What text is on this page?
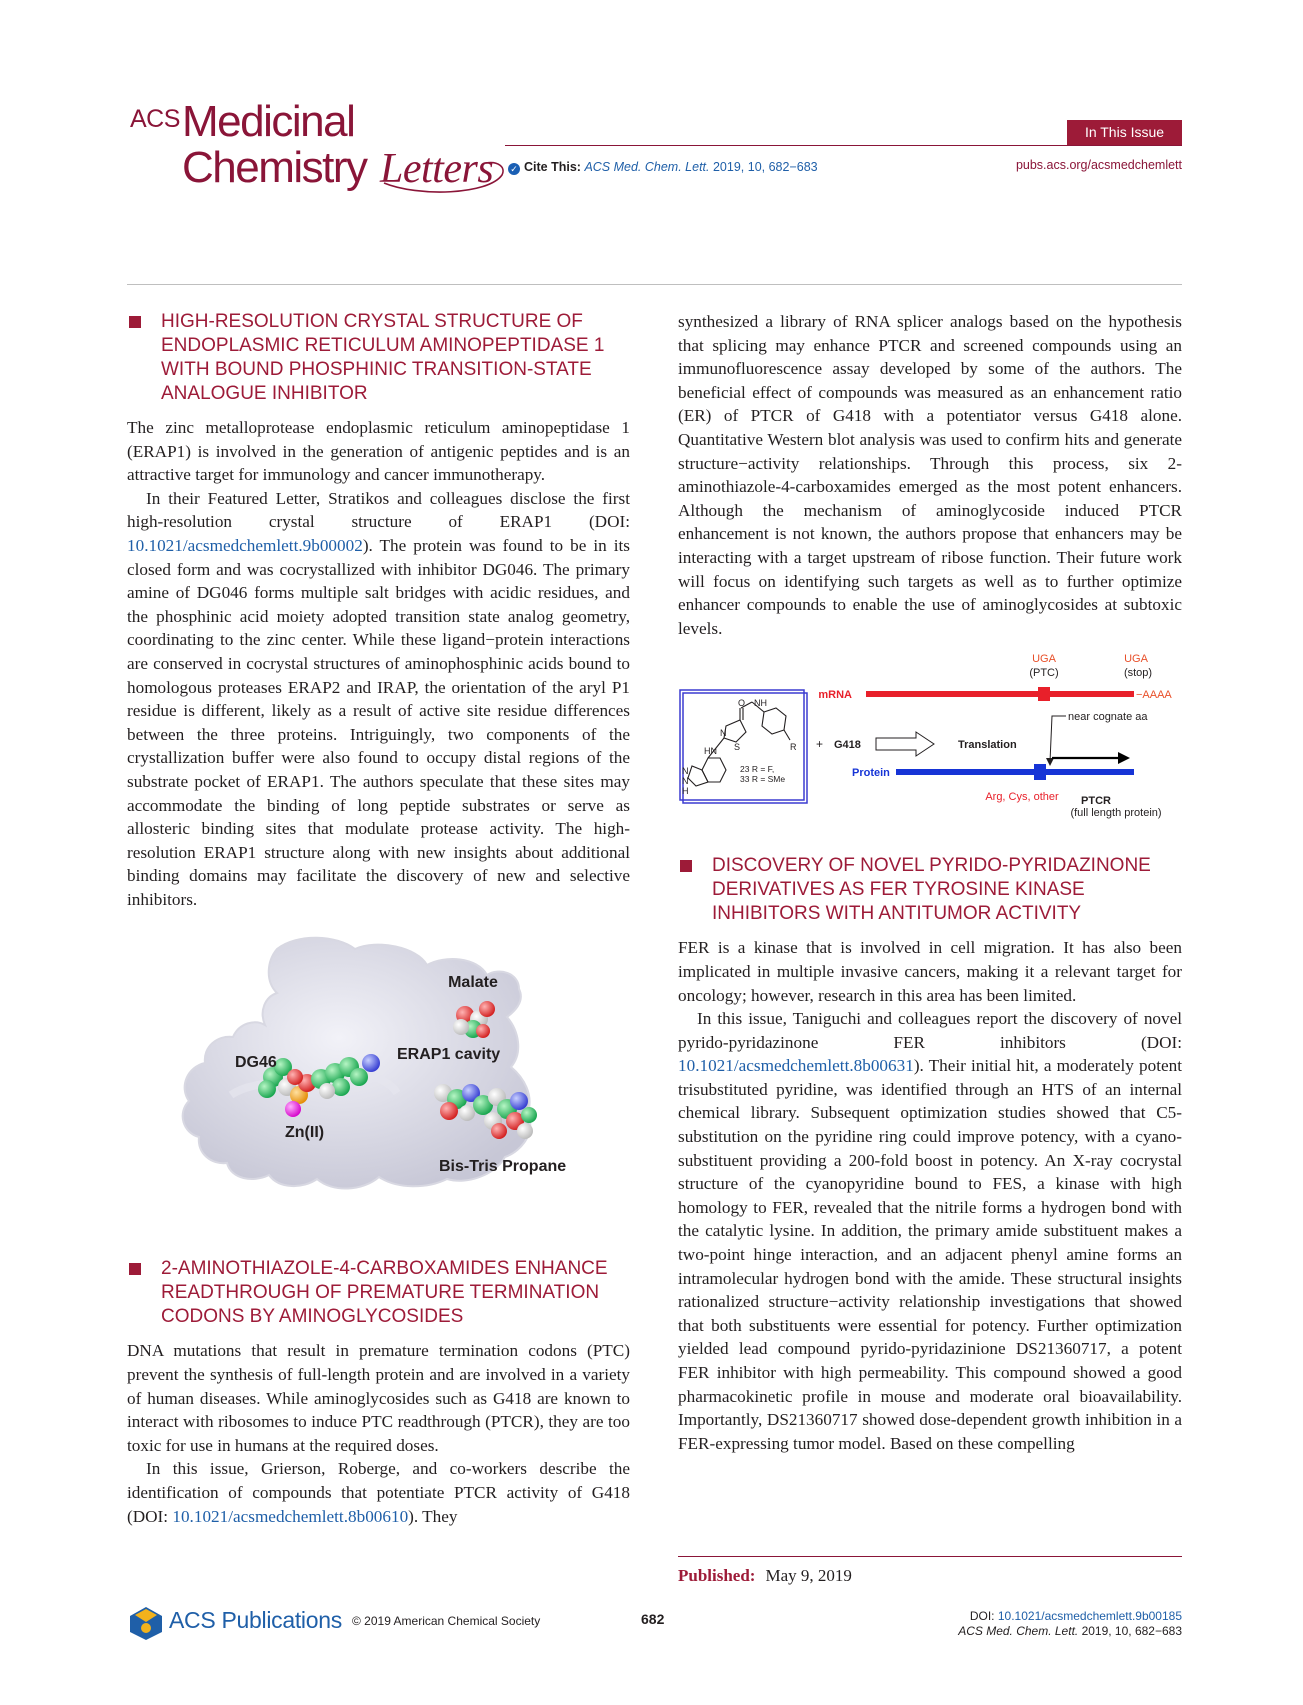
ACS Medicinal
Chemistry Letters
In This Issue
✓ Cite This: ACS Med. Chem. Lett. 2019, 10, 682−683	pubs.acs.org/acsmedchemlett
HIGH-RESOLUTION CRYSTAL STRUCTURE OF ENDOPLASMIC RETICULUM AMINOPEPTIDASE 1 WITH BOUND PHOSPHINIC TRANSITION-STATE ANALOGUE INHIBITOR

The zinc metalloprotease endoplasmic reticulum aminopeptidase 1 (ERAP1) is involved in the generation of antigenic peptides and is an attractive target for immunology and cancer immunotherapy.

In their Featured Letter, Stratikos and colleagues disclose the first high-resolution crystal structure of ERAP1 (DOI: 10.1021/acsmedchemlett.9b00002). The protein was found to be in its closed form and was cocrystallized with inhibitor DG046. The primary amine of DG046 forms multiple salt bridges with acidic residues, and the phosphinic acid moiety adopted transition state analog geometry, coordinating to the zinc center. While these ligand−protein interactions are conserved in cocrystal structures of aminophosphinic acids bound to homologous proteases ERAP2 and IRAP, the orientation of the aryl P1 residue is different, likely as a result of active site residue differences between the three proteins. Intriguingly, two components of the crystallization buffer were also found to occupy distal regions of the substrate pocket of ERAP1. The authors speculate that these sites may accommodate the binding of long peptide substrates or serve as allosteric binding sites that modulate protease activity. The high-resolution ERAP1 structure along with new insights about additional binding domains may facilitate the discovery of new and selective inhibitors.

Malate
ERAP1 cavity
DG46
Zn(II)
Bis-Tris Propane
2-AMINOTHIAZOLE-4-CARBOXAMIDES ENHANCE READTHROUGH OF PREMATURE TERMINATION CODONS BY AMINOGLYCOSIDES

DNA mutations that result in premature termination codons (PTC) prevent the synthesis of full-length protein and are involved in a variety of human diseases. While aminoglycosides such as G418 are known to interact with ribosomes to induce PTC readthrough (PTCR), they are too toxic for use in humans at the required doses.

In this issue, Grierson, Roberge, and co-workers describe the identification of compounds that potentiate PTCR activity of G418 (DOI: 10.1021/acsmedchemlett.8b00610). They

synthesized a library of RNA splicer analogs based on the hypothesis that splicing may enhance PTCR and screened compounds using an immunofluorescence assay developed by some of the authors. The beneficial effect of compounds was measured as an enhancement ratio (ER) of PTCR of G418 with a potentiator versus G418 alone. Quantitative Western blot analysis was used to confirm hits and generate structure−activity relationships. Through this process, six 2-aminothiazole-4-carboxamides emerged as the most potent enhancers. Although the mechanism of aminoglycoside induced PTCR enhancement is not known, the authors propose that enhancers may be interacting with a target upstream of ribose function. Their future work will focus on identifying such targets as well as to further optimize enhancer compounds to enable the use of aminoglycosides at subtoxic levels.

O NH
N
S	R
HN
N
N
H
23 R = F,
33 R = SMe
UGA
(PTC)
UGA
(stop)
mRNA	−AAAA
near cognate aa
+ G418	Translation
Protein
Arg, Cys, other PTCR
(full length protein)
DISCOVERY OF NOVEL PYRIDO-PYRIDAZINONE DERIVATIVES AS FER TYROSINE KINASE INHIBITORS WITH ANTITUMOR ACTIVITY

FER is a kinase that is involved in cell migration. It has also been implicated in multiple invasive cancers, making it a relevant target for oncology; however, research in this area has been limited.

In this issue, Taniguchi and colleagues report the discovery of novel pyrido-pyridazinone FER inhibitors (DOI: 10.1021/acsmedchemlett.8b00631). Their initial hit, a moderately potent trisubstituted pyridine, was identified through an HTS of an internal chemical library. Subsequent optimization studies showed that C5-substitution on the pyridine ring could improve potency, with a cyano-substituent providing a 200-fold boost in potency. An X-ray cocrystal structure of the cyanopyridine bound to FES, a kinase with high homology to FER, revealed that the nitrile forms a hydrogen bond with the catalytic lysine. In addition, the primary amide substituent makes a two-point hinge interaction, and an adjacent phenyl amine forms an intramolecular hydrogen bond with the amide. These structural insights rationalized structure−activity relationship investigations that showed that both substituents were essential for potency. Further optimization yielded lead compound pyrido-pyridazinione DS21360717, a potent FER inhibitor with high permeability. This compound showed a good pharmacokinetic profile in mouse and moderate oral bioavailability. Importantly, DS21360717 showed dose-dependent growth inhibition in a FER-expressing tumor model. Based on these compelling

Published: May 9, 2019
ACS Publications © 2019 American Chemical Society	682	DOI: 10.1021/acsmedchemlett.9b00185
ACS Med. Chem. Lett. 2019, 10, 682−683
